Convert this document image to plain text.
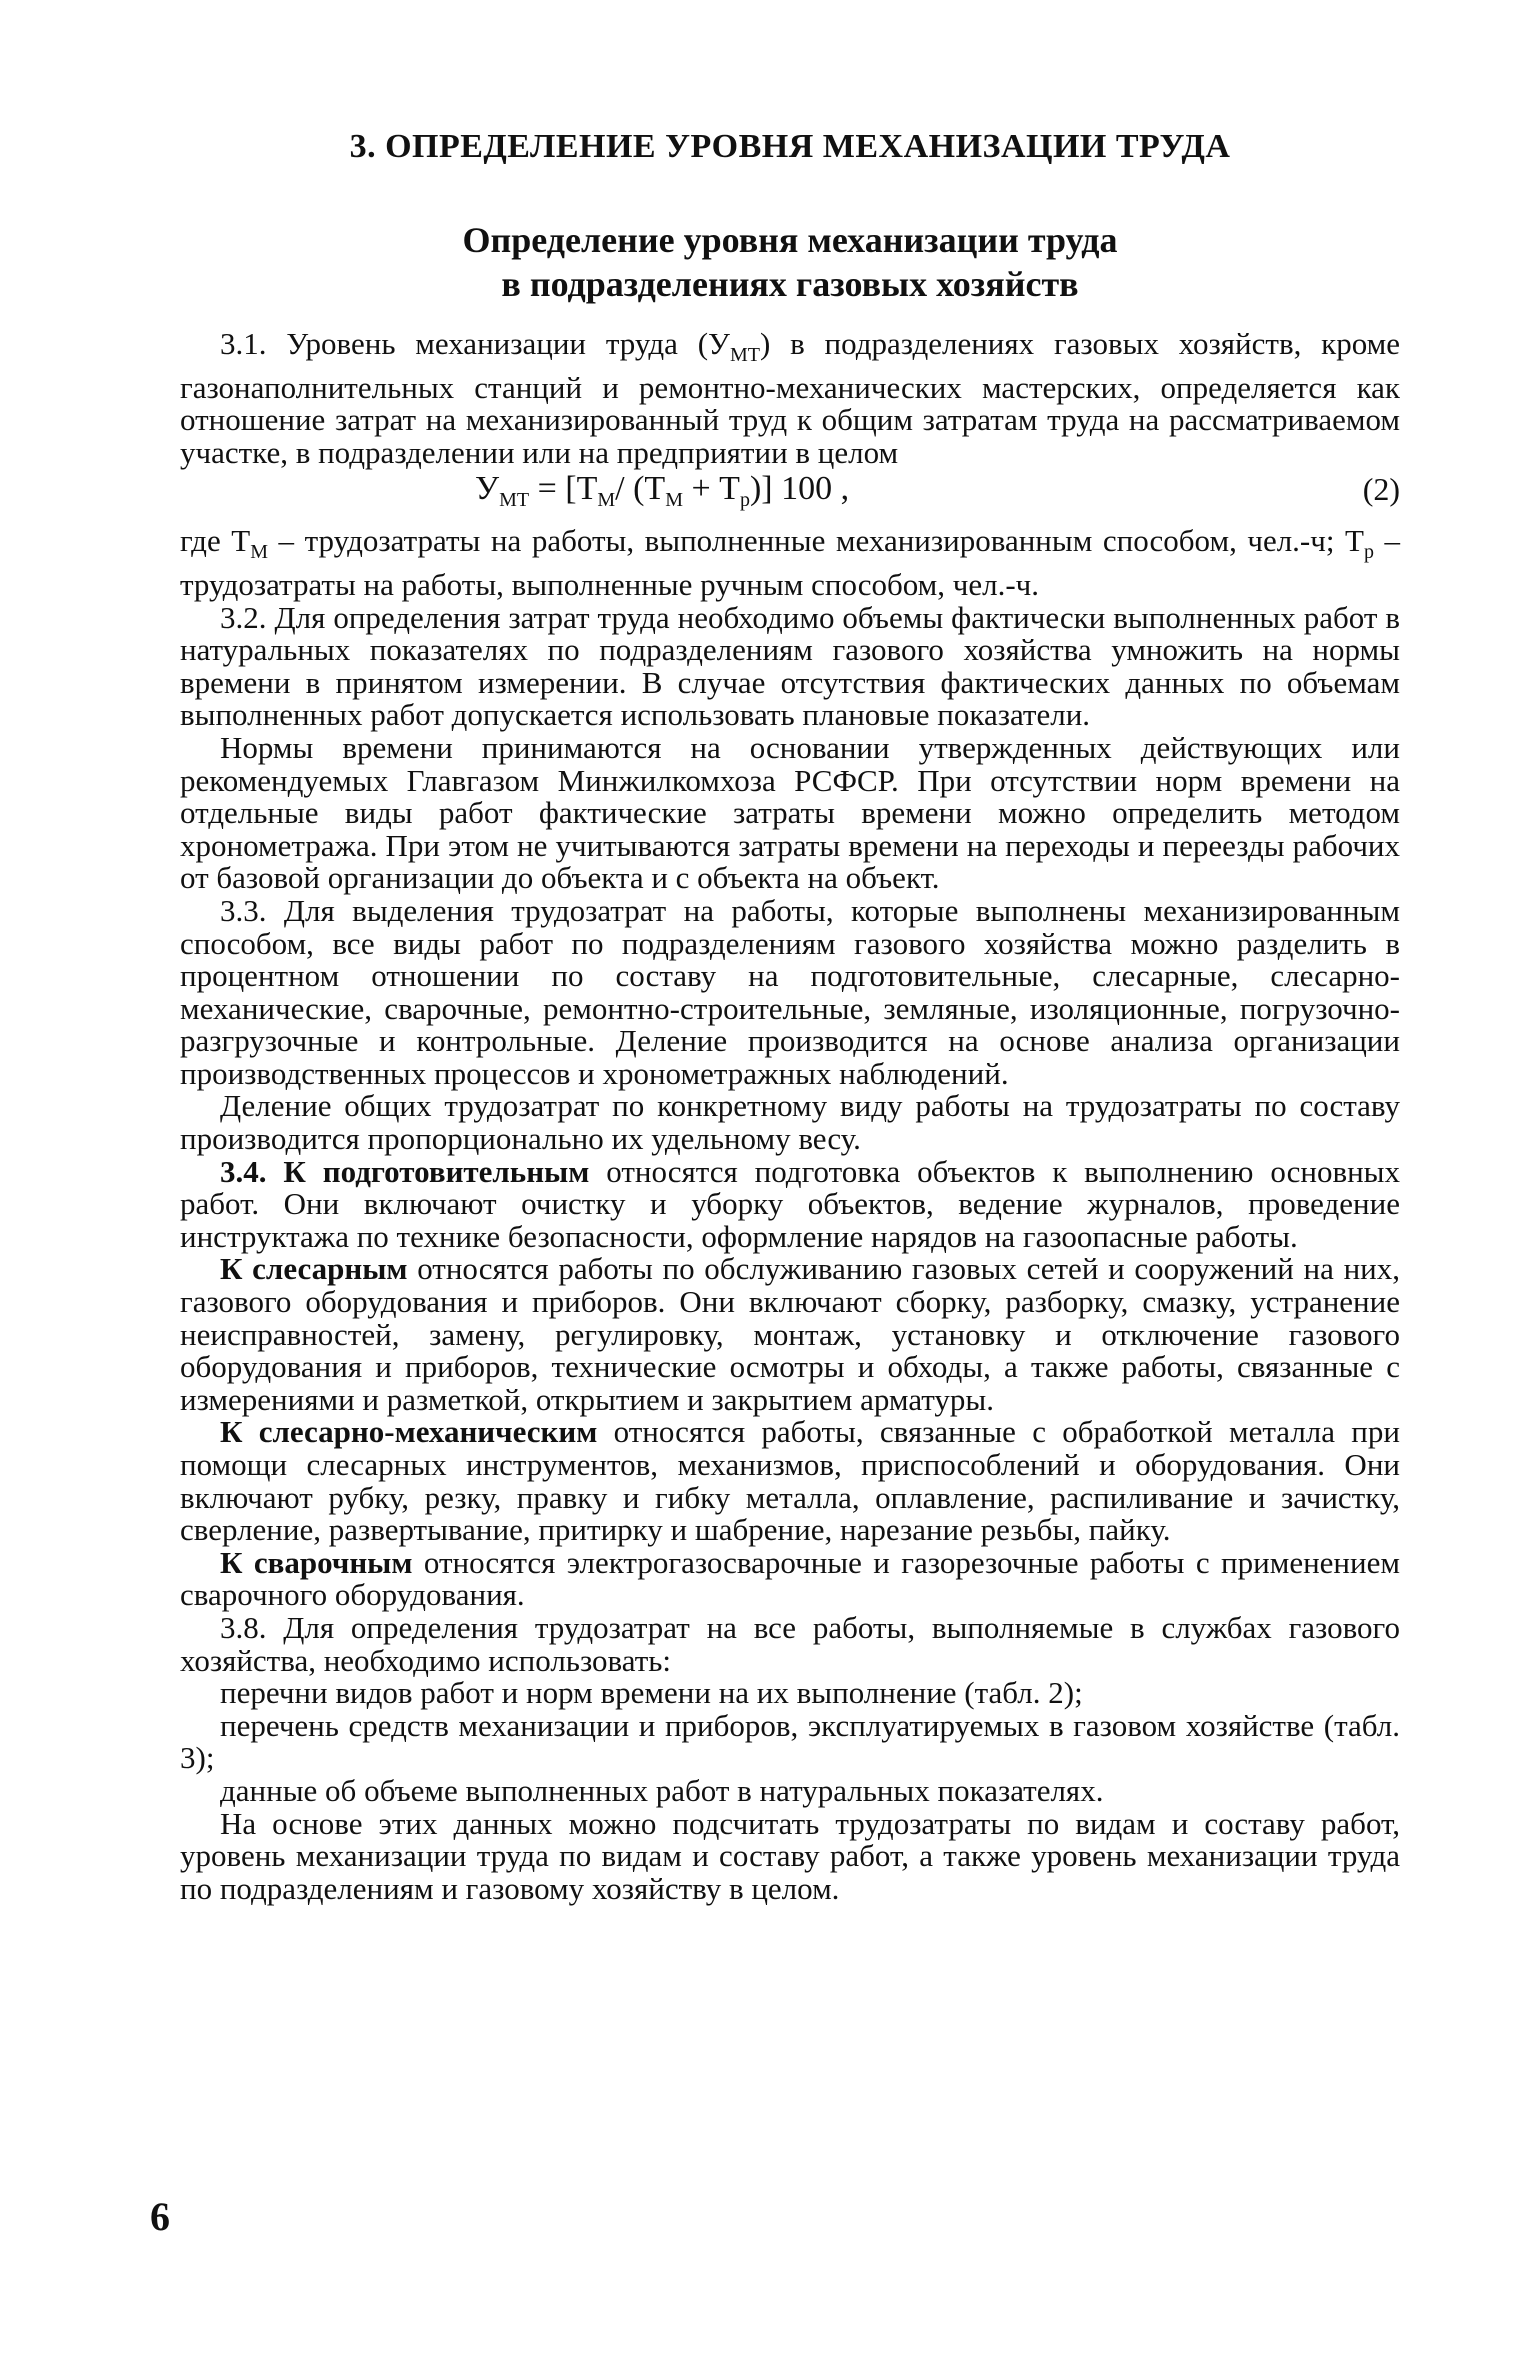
3. ОПРЕДЕЛЕНИЕ УРОВНЯ МЕХАНИЗАЦИИ ТРУДА
Определение уровня механизации труда
в подразделениях газовых хозяйств

3.1. Уровень механизации труда $(У_{МТ})$ в подразделениях газовых хозяйств, кроме газонаполнительных станций и ремонтно-механических мастерских, определяется как отношение затрат на механизированный труд к общим затратам труда на рассматриваемом участке, в подразделении или на предприятии в целом

$У_{МТ} = [Т_М/$ $(Т_М + Т_р)$] 100 ,	(2)

где $Т_М$ – трудозатраты на работы, выполненные механизированным способом, чел.-ч; $Т_р$ – трудозатраты на работы, выполненные ручным способом, чел.-ч.

3.2. Для определения затрат труда необходимо объемы фактически выполненных работ в натуральных показателях по подразделениям газового хозяйства умножить на нормы времени в принятом измерении. В случае отсутствия фактических данных по объемам выполненных работ допускается использовать плановые показатели.

Нормы времени принимаются на основании утвержденных действующих или рекомендуемых Главгазом Минжилкомхоза РСФСР. При отсутствии норм времени на отдельные виды работ фактические затраты времени можно определить методом хронометража. При этом не учитываются затраты времени на переходы и переезды рабочих от базовой организации до объекта и с объекта на объект.

3.3. Для выделения трудозатрат на работы, которые выполнены механизированным способом, все виды работ по подразделениям газового хозяйства можно разделить в процентном отношении по составу на подготовительные, слесарные, слесарно-механические, сварочные, ремонтно-строительные, земляные, изоляционные, погрузочно-разгрузочные и контрольные. Деление производится на основе анализа организации производственных процессов и хронометражных наблюдений.

Деление общих трудозатрат по конкретному виду работы на трудозатраты по составу производится пропорционально их удельному весу.

3.4. К подготовительным относятся подготовка объектов к выполнению основных работ. Они включают очистку и уборку объектов, ведение журналов, проведение инструктажа по технике безопасности, оформление нарядов на газоопасные работы.

К слесарным относятся работы по обслуживанию газовых сетей и сооружений на них, газового оборудования и приборов. Они включают сборку, разборку, смазку, устранение неисправностей, замену, регулировку, монтаж, установку и отключение газового оборудования и приборов, технические осмотры и обходы, а также работы, связанные с измерениями и разметкой, открытием и закрытием арматуры.

К слесарно-механическим относятся работы, связанные с обработкой металла при помощи слесарных инструментов, механизмов, приспособлений и оборудования. Они включают рубку, резку, правку и гибку металла, оплавление, распиливание и зачистку, сверление, развертывание, притирку и шабрение, нарезание резьбы, пайку.

К сварочным относятся электрогазосварочные и газорезочные работы с применением сварочного оборудования.

3.8. Для определения трудозатрат на все работы, выполняемые в службах газового хозяйства, необходимо использовать:

перечни видов работ и норм времени на их выполнение (табл. 2);

перечень средств механизации и приборов, эксплуатируемых в газовом хозяйстве (табл. 3);

данные об объеме выполненных работ в натуральных показателях.

На основе этих данных можно подсчитать трудозатраты по видам и составу работ, уровень механизации труда по видам и составу работ, а также уровень механизации труда по подразделениям и газовому хозяйству в целом.

6
